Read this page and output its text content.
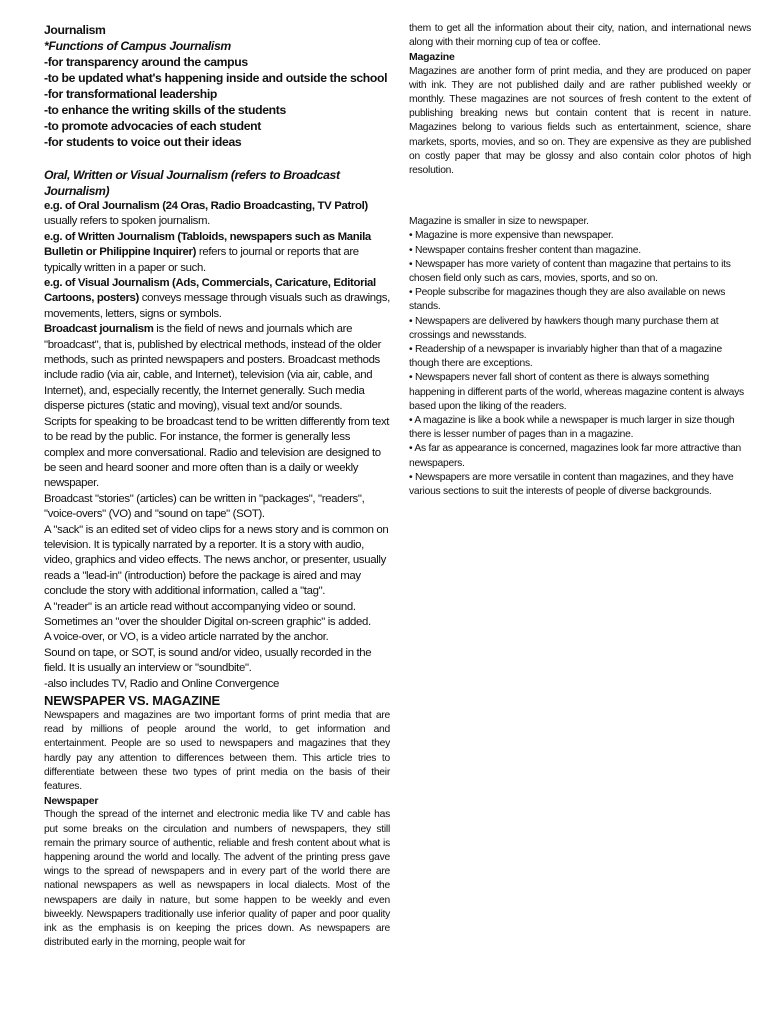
Journalism
*Functions of Campus Journalism
-for transparency around the campus
-to be updated what's happening inside and outside the school
-for transformational leadership
-to enhance the writing skills of the students
-to promote advocacies of each student
-for students to voice out their ideas
Oral, Written or Visual Journalism (refers to Broadcast Journalism)

e.g. of Oral Journalism (24 Oras, Radio Broadcasting, TV Patrol) usually refers to spoken journalism.

e.g. of Written Journalism (Tabloids, newspapers such as Manila Bulletin or Philippine Inquirer) refers to journal or reports that are typically written in a paper or such.

e.g. of Visual Journalism (Ads, Commercials, Caricature, Editorial Cartoons, posters) conveys message through visuals such as drawings, movements, letters, signs or symbols.

Broadcast journalism is the field of news and journals which are "broadcast", that is, published by electrical methods, instead of the older methods, such as printed newspapers and posters. Broadcast methods include radio (via air, cable, and Internet), television (via air, cable, and Internet), and, especially recently, the Internet generally. Such media disperse pictures (static and moving), visual text and/or sounds.

Scripts for speaking to be broadcast tend to be written differently from text to be read by the public. For instance, the former is generally less complex and more conversational. Radio and television are designed to be seen and heard sooner and more often than is a daily or weekly newspaper.

Broadcast "stories" (articles) can be written in "packages", "readers", "voice-overs" (VO) and "sound on tape" (SOT).

A "sack" is an edited set of video clips for a news story and is common on television. It is typically narrated by a reporter. It is a story with audio, video, graphics and video effects. The news anchor, or presenter, usually reads a "lead-in" (introduction) before the package is aired and may conclude the story with additional information, called a "tag".

A "reader" is an article read without accompanying video or sound. Sometimes an "over the shoulder Digital on-screen graphic" is added.

A voice-over, or VO, is a video article narrated by the anchor.

Sound on tape, or SOT, is sound and/or video, usually recorded in the field. It is usually an interview or "soundbite".

-also includes TV, Radio and Online Convergence

NEWSPAPER VS. MAGAZINE

Newspapers and magazines are two important forms of print media that are read by millions of people around the world, to get information and entertainment. People are so used to newspapers and magazines that they hardly pay any attention to differences between them. This article tries to differentiate between these two types of print media on the basis of their features.

Newspaper

Though the spread of the internet and electronic media like TV and cable has put some breaks on the circulation and numbers of newspapers, they still remain the primary source of authentic, reliable and fresh content about what is happening around the world and locally. The advent of the printing press gave wings to the spread of newspapers and in every part of the world there are national newspapers as well as newspapers in local dialects. Most of the newspapers are daily in nature, but some happen to be weekly and even biweekly. Newspapers traditionally use inferior quality of paper and poor quality ink as the emphasis is on keeping the prices down. As newspapers are distributed early in the morning, people wait for

them to get all the information about their city, nation, and international news along with their morning cup of tea or coffee.

Magazine

Magazines are another form of print media, and they are produced on paper with ink. They are not published daily and are rather published weekly or monthly. These magazines are not sources of fresh content to the extent of publishing breaking news but contain content that is recent in nature. Magazines belong to various fields such as entertainment, science, share markets, sports, movies, and so on. They are expensive as they are published on costly paper that may be glossy and also contain color photos of high resolution.

Magazine is smaller in size to newspaper.

• Magazine is more expensive than newspaper.
• Newspaper contains fresher content than magazine.
• Newspaper has more variety of content than magazine that pertains to its chosen field only such as cars, movies, sports, and so on.
• People subscribe for magazines though they are also available on news stands.
• Newspapers are delivered by hawkers though many purchase them at crossings and newsstands.
• Readership of a newspaper is invariably higher than that of a magazine though there are exceptions.
• Newspapers never fall short of content as there is always something happening in different parts of the world, whereas magazine content is always based upon the liking of the readers.
• A magazine is like a book while a newspaper is much larger in size though there is lesser number of pages than in a magazine.
• As far as appearance is concerned, magazines look far more attractive than newspapers.
• Newspapers are more versatile in content than magazines, and they have various sections to suit the interests of people of diverse backgrounds.
